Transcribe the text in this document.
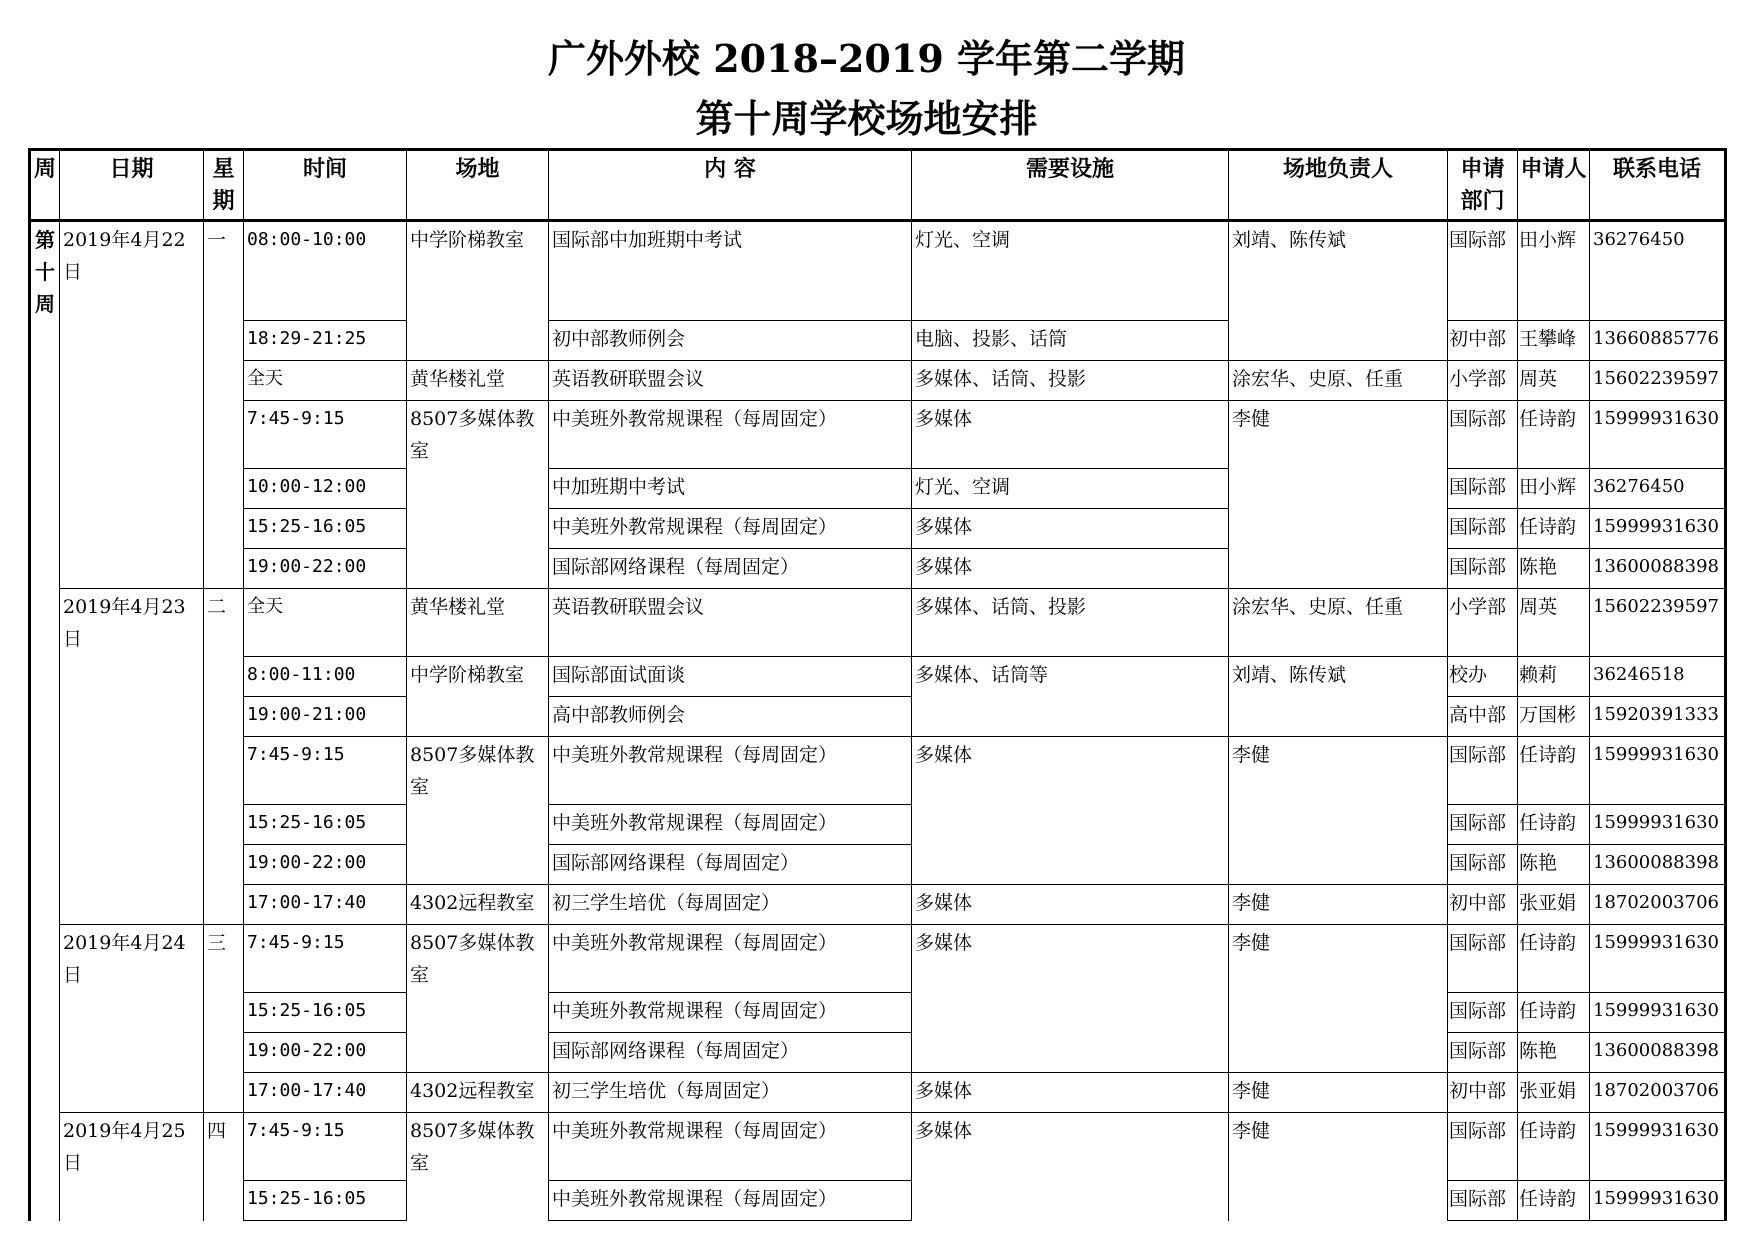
广外外校 2018–2019 学年第二学期
第十周学校场地安排
周	日期	星期	时间	场地	内 容	需要设施	场地负责人	申请部门	申请人	联系电话
第十周	2019年4月22日	一	08:00-10:00	中学阶梯教室	国际部中加班期中考试	灯光、空调	刘靖、陈传斌	国际部	田小辉	36276450
			18:29-21:25		初中部教师例会	电脑、投影、话筒		初中部	王攀峰	13660885776
			全天	黄华楼礼堂	英语教研联盟会议	多媒体、话筒、投影	涂宏华、史原、任重	小学部	周英	15602239597
			7:45-9:15	8507多媒体教室	中美班外教常规课程（每周固定）	多媒体	李健	国际部	任诗韵	15999931630
			10:00-12:00		中加班期中考试	灯光、空调		国际部	田小辉	36276450
			15:25-16:05		中美班外教常规课程（每周固定）	多媒体		国际部	任诗韵	15999931630
			19:00-22:00		国际部网络课程（每周固定）	多媒体		国际部	陈艳	13600088398
	2019年4月23日	二	全天	黄华楼礼堂	英语教研联盟会议	多媒体、话筒、投影	涂宏华、史原、任重	小学部	周英	15602239597
			8:00-11:00	中学阶梯教室	国际部面试面谈	多媒体、话筒等	刘靖、陈传斌	校办	赖莉	36246518
			19:00-21:00		高中部教师例会			高中部	万国彬	15920391333
			7:45-9:15	8507多媒体教室	中美班外教常规课程（每周固定）	多媒体	李健	国际部	任诗韵	15999931630
			15:25-16:05		中美班外教常规课程（每周固定）			国际部	任诗韵	15999931630
			19:00-22:00		国际部网络课程（每周固定）			国际部	陈艳	13600088398
			17:00-17:40	4302远程教室	初三学生培优（每周固定）	多媒体	李健	初中部	张亚娟	18702003706
	2019年4月24日	三	7:45-9:15	8507多媒体教室	中美班外教常规课程（每周固定）	多媒体	李健	国际部	任诗韵	15999931630
			15:25-16:05		中美班外教常规课程（每周固定）			国际部	任诗韵	15999931630
			19:00-22:00		国际部网络课程（每周固定）			国际部	陈艳	13600088398
			17:00-17:40	4302远程教室	初三学生培优（每周固定）	多媒体	李健	初中部	张亚娟	18702003706
	2019年4月25日	四	7:45-9:15	8507多媒体教室	中美班外教常规课程（每周固定）	多媒体	李健	国际部	任诗韵	15999931630
			15:25-16:05		中美班外教常规课程（每周固定）			国际部	任诗韵	15999931630
